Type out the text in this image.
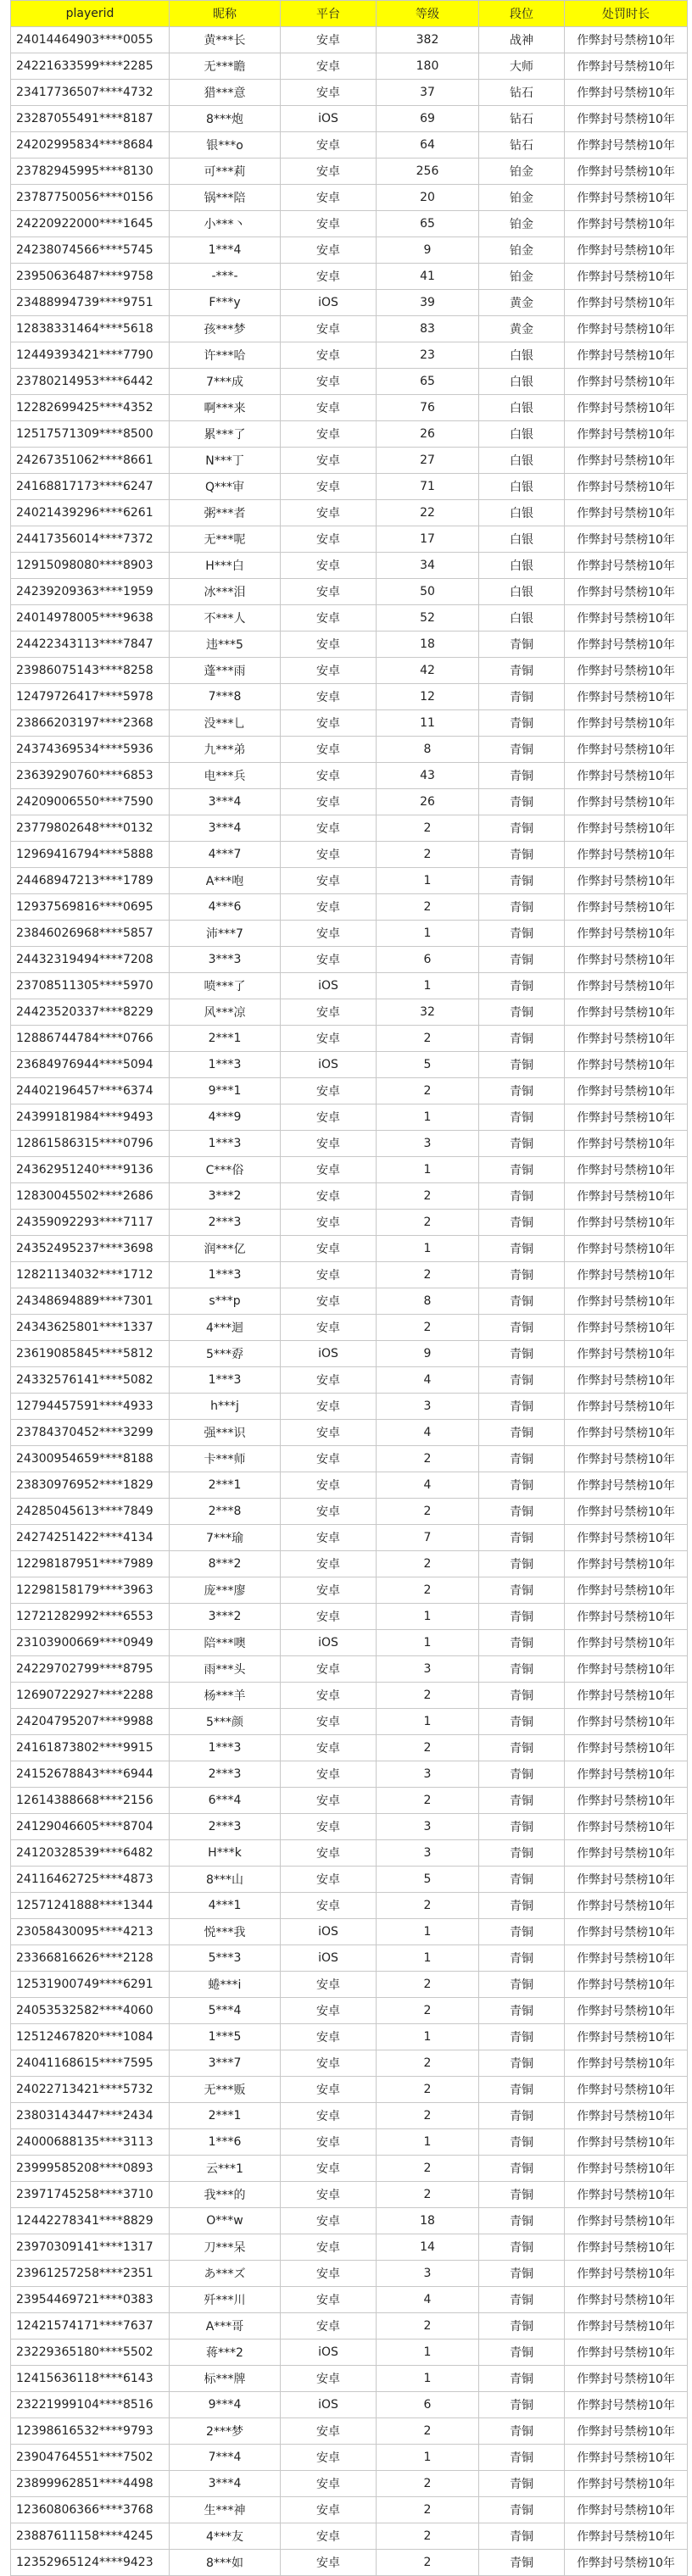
playerid	昵称	平台	等级	段位	处罚时长
24014464903****0055	黄***长	安卓	382	战神	作弊封号禁榜10年
24221633599****2285	无***瞻	安卓	180	大师	作弊封号禁榜10年
23417736507****4732	猎***意	安卓	37	钻石	作弊封号禁榜10年
23287055491****8187	8***炮	iOS	69	钻石	作弊封号禁榜10年
24202995834****8684	银***o	安卓	64	钻石	作弊封号禁榜10年
23782945995****8130	可***莉	安卓	256	铂金	作弊封号禁榜10年
23787750056****0156	锅***陪	安卓	20	铂金	作弊封号禁榜10年
24220922000****1645	小***丶	安卓	65	铂金	作弊封号禁榜10年
24238074566****5745	1***4	安卓	9	铂金	作弊封号禁榜10年
23950636487****9758	-***-	安卓	41	铂金	作弊封号禁榜10年
23488994739****9751	F***y	iOS	39	黄金	作弊封号禁榜10年
12838331464****5618	孩***梦	安卓	83	黄金	作弊封号禁榜10年
12449393421****7790	许***哈	安卓	23	白银	作弊封号禁榜10年
23780214953****6442	7***成	安卓	65	白银	作弊封号禁榜10年
12282699425****4352	啊***来	安卓	76	白银	作弊封号禁榜10年
12517571309****8500	累***了	安卓	26	白银	作弊封号禁榜10年
24267351062****8661	N***丁	安卓	27	白银	作弊封号禁榜10年
24168817173****6247	Q***审	安卓	71	白银	作弊封号禁榜10年
24021439296****6261	粥***者	安卓	22	白银	作弊封号禁榜10年
24417356014****7372	无***呢	安卓	17	白银	作弊封号禁榜10年
12915098080****8903	H***白	安卓	34	白银	作弊封号禁榜10年
24239209363****1959	冰***泪	安卓	50	白银	作弊封号禁榜10年
24014978005****9638	不***人	安卓	52	白银	作弊封号禁榜10年
24422343113****7847	违***5	安卓	18	青铜	作弊封号禁榜10年
23986075143****8258	蓬***雨	安卓	42	青铜	作弊封号禁榜10年
12479726417****5978	7***8	安卓	12	青铜	作弊封号禁榜10年
23866203197****2368	没***乚	安卓	11	青铜	作弊封号禁榜10年
24374369534****5936	九***弟	安卓	8	青铜	作弊封号禁榜10年
23639290760****6853	电***兵	安卓	43	青铜	作弊封号禁榜10年
24209006550****7590	3***4	安卓	26	青铜	作弊封号禁榜10年
23779802648****0132	3***4	安卓	2	青铜	作弊封号禁榜10年
12969416794****5888	4***7	安卓	2	青铜	作弊封号禁榜10年
24468947213****1789	A***咆	安卓	1	青铜	作弊封号禁榜10年
12937569816****0695	4***6	安卓	2	青铜	作弊封号禁榜10年
23846026968****5857	沛***7	安卓	1	青铜	作弊封号禁榜10年
24432319494****7208	3***3	安卓	6	青铜	作弊封号禁榜10年
23708511305****5970	喷***了	iOS	1	青铜	作弊封号禁榜10年
24423520337****8229	风***凉	安卓	32	青铜	作弊封号禁榜10年
12886744784****0766	2***1	安卓	2	青铜	作弊封号禁榜10年
23684976944****5094	1***3	iOS	5	青铜	作弊封号禁榜10年
24402196457****6374	9***1	安卓	2	青铜	作弊封号禁榜10年
24399181984****9493	4***9	安卓	1	青铜	作弊封号禁榜10年
12861586315****0796	1***3	安卓	3	青铜	作弊封号禁榜10年
24362951240****9136	C***俗	安卓	1	青铜	作弊封号禁榜10年
12830045502****2686	3***2	安卓	2	青铜	作弊封号禁榜10年
24359092293****7117	2***3	安卓	2	青铜	作弊封号禁榜10年
24352495237****3698	润***亿	安卓	1	青铜	作弊封号禁榜10年
12821134032****1712	1***3	安卓	2	青铜	作弊封号禁榜10年
24348694889****7301	s***p	安卓	8	青铜	作弊封号禁榜10年
24343625801****1337	4***迴	安卓	2	青铜	作弊封号禁榜10年
23619085845****5812	5***孬	iOS	9	青铜	作弊封号禁榜10年
24332576141****5082	1***3	安卓	4	青铜	作弊封号禁榜10年
12794457591****4933	h***j	安卓	3	青铜	作弊封号禁榜10年
23784370452****3299	强***识	安卓	4	青铜	作弊封号禁榜10年
24300954659****8188	卡***师	安卓	2	青铜	作弊封号禁榜10年
23830976952****1829	2***1	安卓	4	青铜	作弊封号禁榜10年
24285045613****7849	2***8	安卓	2	青铜	作弊封号禁榜10年
24274251422****4134	7***瑜	安卓	7	青铜	作弊封号禁榜10年
12298187951****7989	8***2	安卓	2	青铜	作弊封号禁榜10年
12298158179****3963	庞***廖	安卓	2	青铜	作弊封号禁榜10年
12721282992****6553	3***2	安卓	1	青铜	作弊封号禁榜10年
23103900669****0949	陪***噢	iOS	1	青铜	作弊封号禁榜10年
24229702799****8795	雨***头	安卓	3	青铜	作弊封号禁榜10年
12690722927****2288	杨***羊	安卓	2	青铜	作弊封号禁榜10年
24204795207****9988	5***颜	安卓	1	青铜	作弊封号禁榜10年
24161873802****9915	1***3	安卓	2	青铜	作弊封号禁榜10年
24152678843****6944	2***3	安卓	3	青铜	作弊封号禁榜10年
12614388668****2156	6***4	安卓	2	青铜	作弊封号禁榜10年
24129046605****8704	2***3	安卓	3	青铜	作弊封号禁榜10年
24120328539****6482	H***k	安卓	3	青铜	作弊封号禁榜10年
24116462725****4873	8***山	安卓	5	青铜	作弊封号禁榜10年
12571241888****1344	4***1	安卓	2	青铜	作弊封号禁榜10年
23058430095****4213	悦***我	iOS	1	青铜	作弊封号禁榜10年
23366816626****2128	5***3	iOS	1	青铜	作弊封号禁榜10年
12531900749****6291	蜷***i	安卓	2	青铜	作弊封号禁榜10年
24053532582****4060	5***4	安卓	2	青铜	作弊封号禁榜10年
12512467820****1084	1***5	安卓	1	青铜	作弊封号禁榜10年
24041168615****7595	3***7	安卓	2	青铜	作弊封号禁榜10年
24022713421****5732	无***贩	安卓	2	青铜	作弊封号禁榜10年
23803143447****2434	2***1	安卓	2	青铜	作弊封号禁榜10年
24000688135****3113	1***6	安卓	1	青铜	作弊封号禁榜10年
23999585208****0893	云***1	安卓	2	青铜	作弊封号禁榜10年
23971745258****3710	我***的	安卓	2	青铜	作弊封号禁榜10年
12442278341****8829	O***w	安卓	18	青铜	作弊封号禁榜10年
23970309141****1317	刀***呆	安卓	14	青铜	作弊封号禁榜10年
23961257258****2351	あ***ズ	安卓	3	青铜	作弊封号禁榜10年
23954469721****0383	歼***川	安卓	4	青铜	作弊封号禁榜10年
12421574171****7637	A***哥	安卓	2	青铜	作弊封号禁榜10年
23229365180****5502	蒋***2	iOS	1	青铜	作弊封号禁榜10年
12415636118****6143	标***牌	安卓	1	青铜	作弊封号禁榜10年
23221999104****8516	9***4	iOS	6	青铜	作弊封号禁榜10年
12398616532****9793	2***梦	安卓	2	青铜	作弊封号禁榜10年
23904764551****7502	7***4	安卓	1	青铜	作弊封号禁榜10年
23899962851****4498	3***4	安卓	2	青铜	作弊封号禁榜10年
12360806366****3768	生***神	安卓	2	青铜	作弊封号禁榜10年
23887611158****4245	4***友	安卓	2	青铜	作弊封号禁榜10年
12352965124****9423	8***如	安卓	2	青铜	作弊封号禁榜10年
